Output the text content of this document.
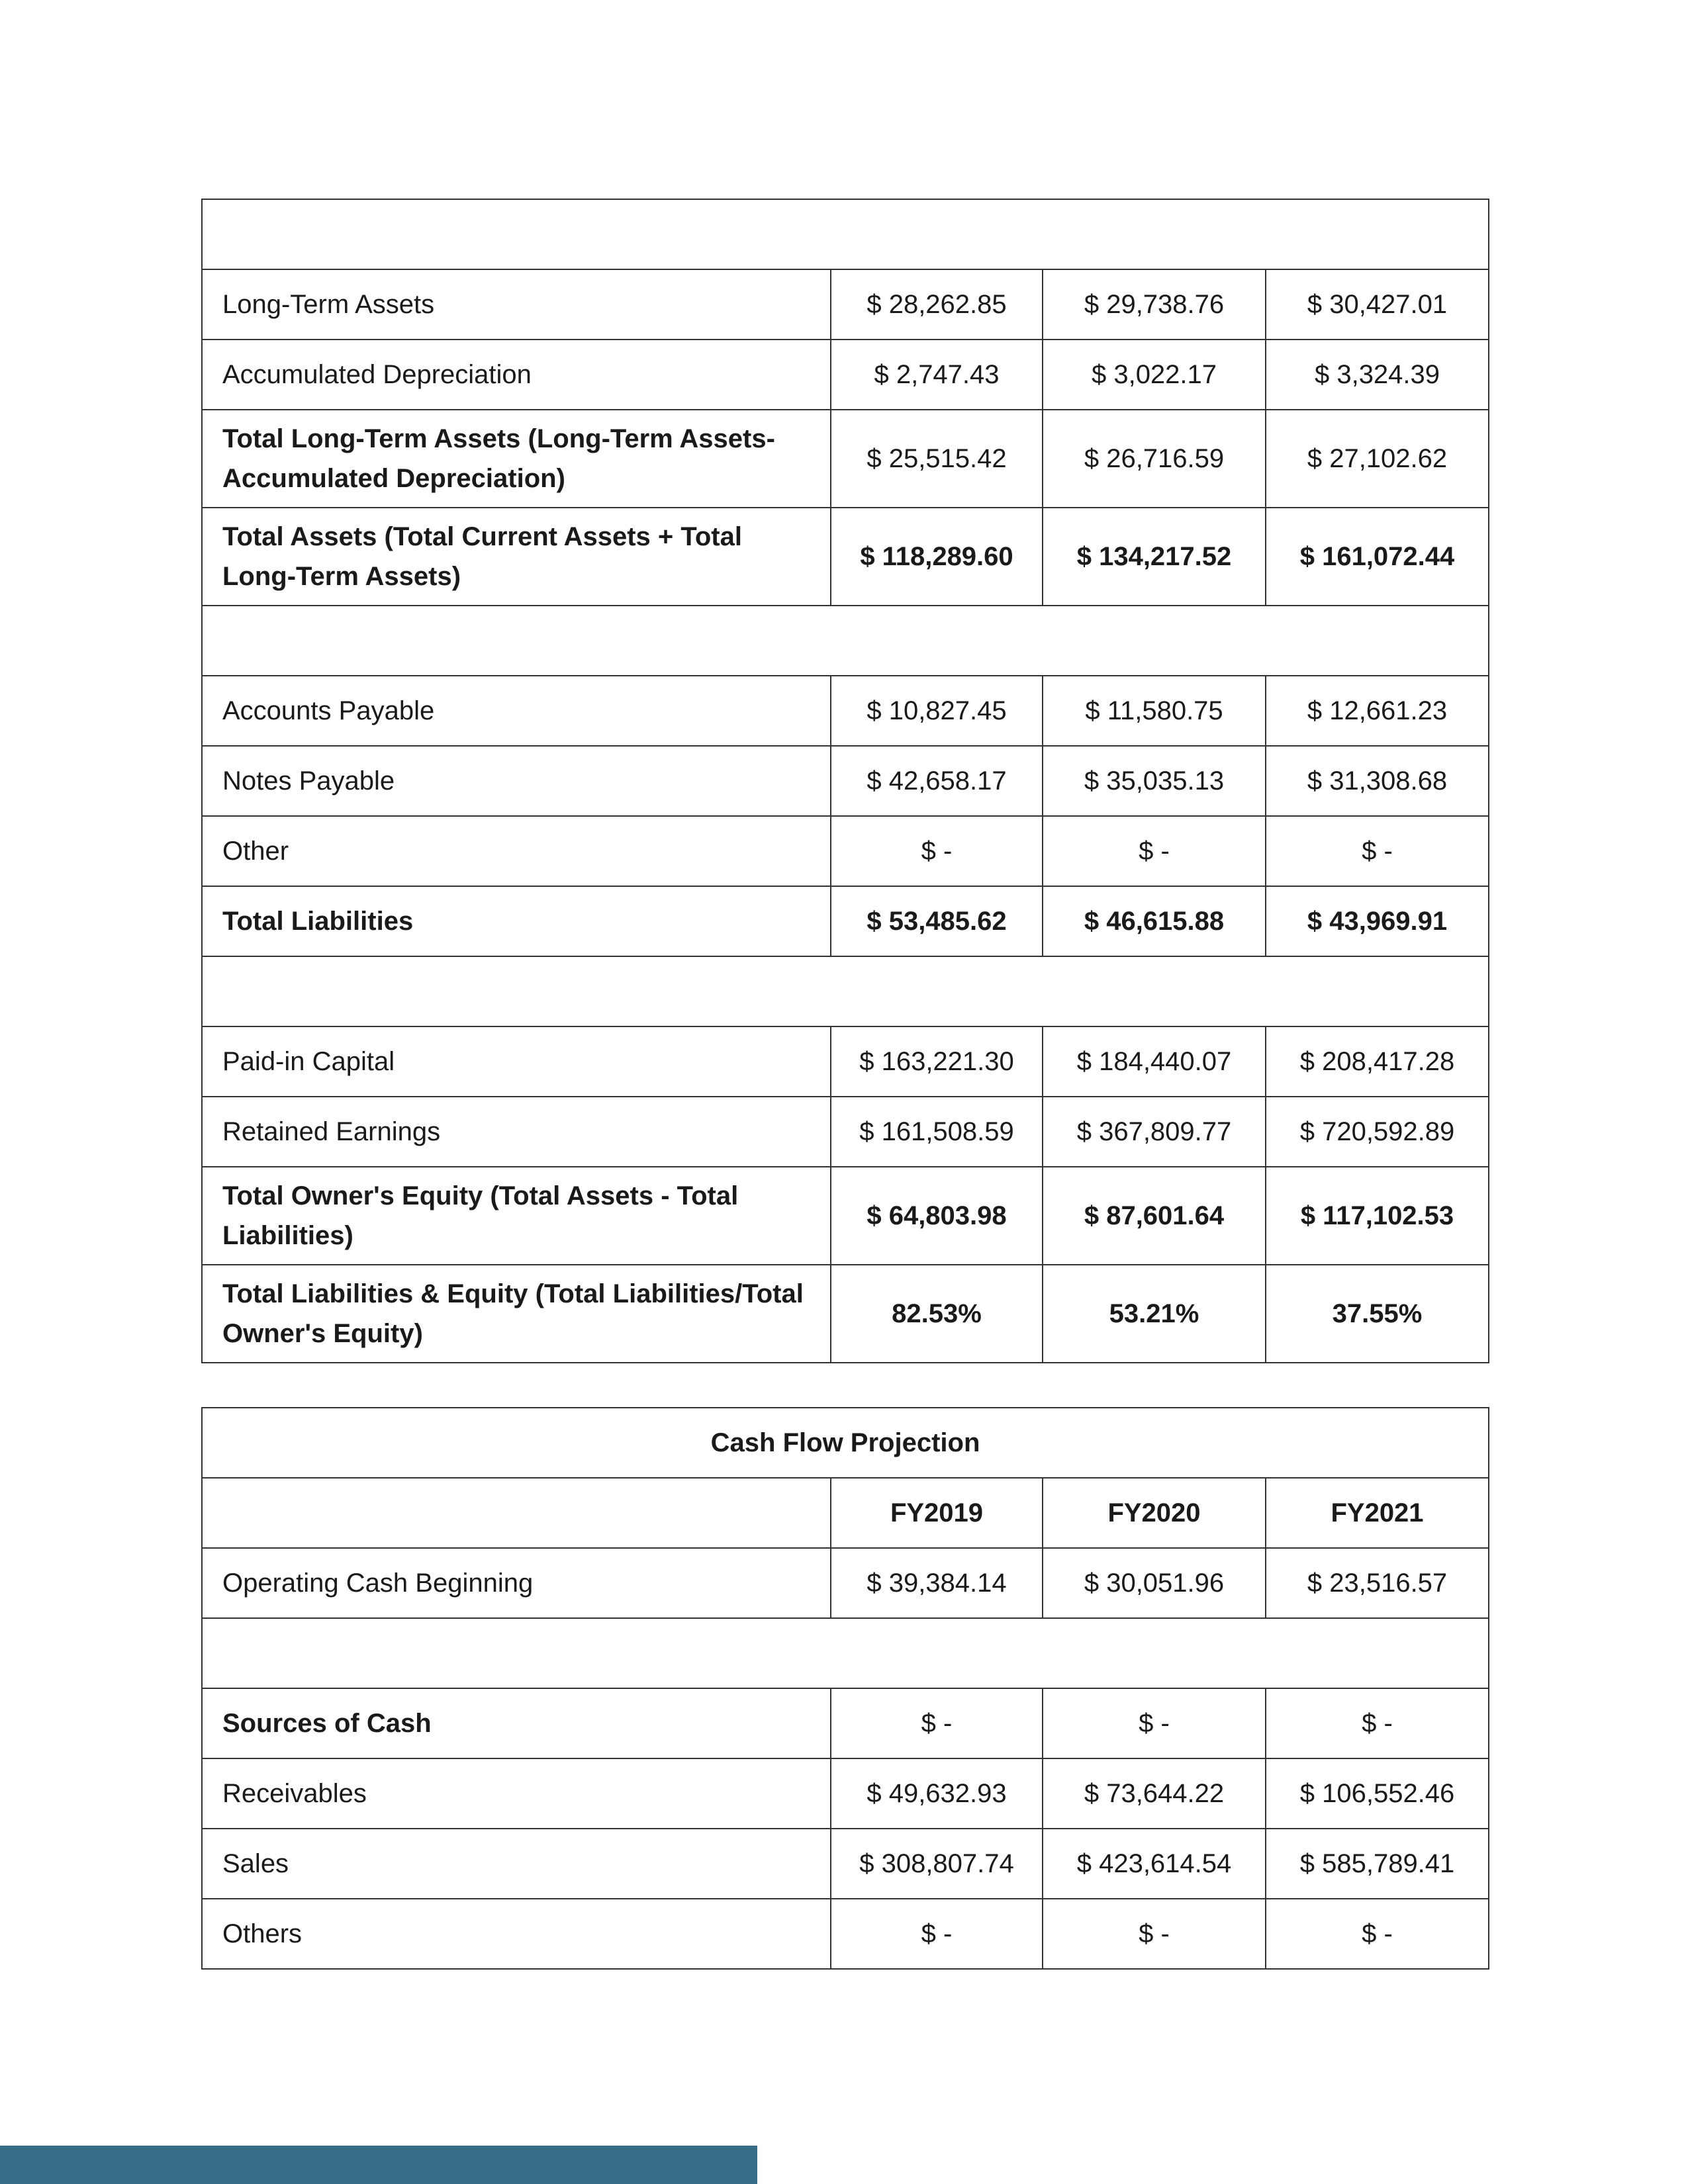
Long-Term Assets	$ 28,262.85	$ 29,738.76	$ 30,427.01
Accumulated Depreciation	$ 2,747.43	$ 3,022.17	$ 3,324.39
Total Long-Term Assets (Long-Term Assets-Accumulated Depreciation)	$ 25,515.42	$ 26,716.59	$ 27,102.62
Total Assets (Total Current Assets + Total Long-Term Assets)	$ 118,289.60	$ 134,217.52	$ 161,072.44

Accounts Payable	$ 10,827.45	$ 11,580.75	$ 12,661.23
Notes Payable	$ 42,658.17	$ 35,035.13	$ 31,308.68
Other	$ -	$ -	$ -
Total Liabilities	$ 53,485.62	$ 46,615.88	$ 43,969.91

Paid-in Capital	$ 163,221.30	$ 184,440.07	$ 208,417.28
Retained Earnings	$ 161,508.59	$ 367,809.77	$ 720,592.89
Total Owner's Equity (Total Assets - Total Liabilities)	$ 64,803.98	$ 87,601.64	$ 117,102.53
Total Liabilities & Equity (Total Liabilities/Total Owner's Equity)	82.53%	53.21%	37.55%
Cash Flow Projection			
	FY2019	FY2020	FY2021
Operating Cash Beginning	$ 39,384.14	$ 30,051.96	$ 23,516.57

Sources of Cash	$ -	$ -	$ -
Receivables	$ 49,632.93	$ 73,644.22	$ 106,552.46
Sales	$ 308,807.74	$ 423,614.54	$ 585,789.41
Others	$ -	$ -	$ -
